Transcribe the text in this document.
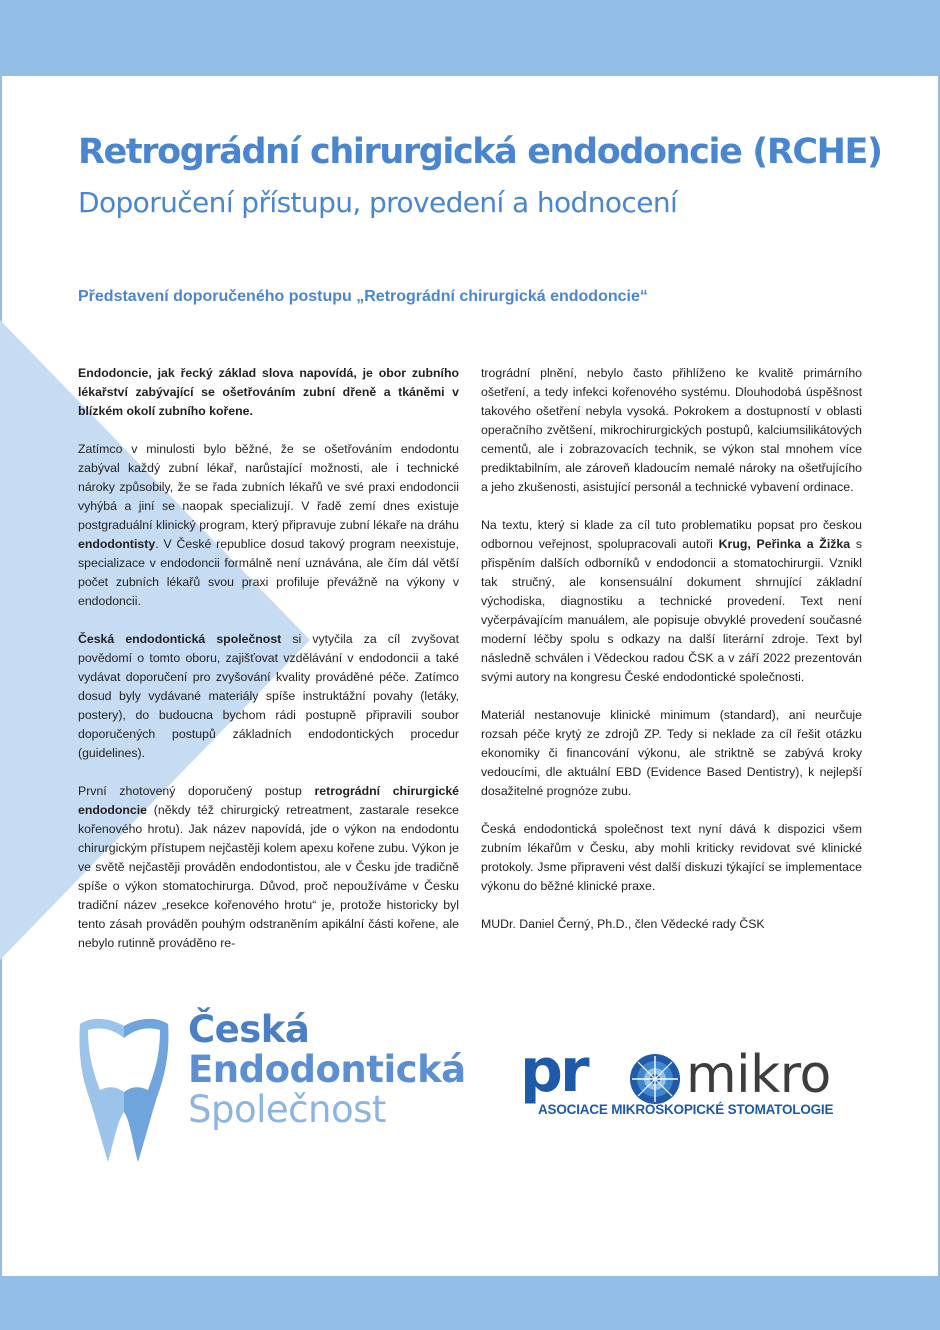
Retrográdní chirurgická endodoncie (RCHE)
Doporučení přístupu, provedení a hodnocení
Představení doporučeného postupu „Retrográdní chirurgická endodoncie“

Endodoncie, jak řecký základ slova napovídá, je obor zubního lékařství zabývající se ošetřováním zubní dřeně a tkáněmi v blízkém okolí zubního kořene.

Zatímco v minulosti bylo běžné, že se ošetřováním endodontu zabýval každý zubní lékař, narůstající možnosti, ale i technické nároky způsobily, že se řada zubních lékařů ve své praxi endodoncii vyhýbá a jiní se naopak specializují. V řadě zemí dnes existuje postgraduální klinický program, který připravuje zubní lékaře na dráhu endodontisty. V České republice dosud takový program neexistuje, specializace v endodoncii formálně není uznávána, ale čím dál větší počet zubních lékařů svou praxi profiluje převážně na výkony v endodoncii.

Česká endodontická společnost si vytyčila za cíl zvyšovat povědomí o tomto oboru, zajišťovat vzdělávání v endodoncii a také vydávat doporučení pro zvyšování kvality prováděné péče. Zatímco dosud byly vydávané materiály spíše instruktážní povahy (letáky, postery), do budoucna bychom rádi postupně připravili soubor doporučených postupů základních endodontických procedur (guidelines).

První zhotovený doporučený postup retrográdní chirurgické endodoncie (někdy též chirurgický retreatment, zastarale resekce kořenového hrotu). Jak název napovídá, jde o výkon na endodontu chirurgickým přístupem nejčastěji kolem apexu kořene zubu. Výkon je ve světě nejčastěji prováděn endodontistou, ale v Česku jde tradičně spíše o výkon stomatochirurga. Důvod, proč nepoužíváme v Česku tradiční název „resekce kořenového hrotu“ je, protože historicky byl tento zásah prováděn pouhým odstraněním apikální části kořene, ale nebylo rutinně prováděno re-

trográdní plnění, nebylo často přihlíženo ke kvalitě primárního ošetření, a tedy infekci kořenového systému. Dlouhodobá úspěšnost takového ošetření nebyla vysoká. Pokrokem a dostupností v oblasti operačního zvětšení, mikrochirurgických postupů, kalciumsilikátových cementů, ale i zobrazovacích technik, se výkon stal mnohem více prediktabilním, ale zároveň kladoucím nemalé nároky na ošetřujícího a jeho zkušenosti, asistující personál a technické vybavení ordinace.

Na textu, který si klade za cíl tuto problematiku popsat pro českou odbornou veřejnost, spolupracovali autoři Krug, Peřinka a Žižka s přispěním dalších odborníků v endodoncii a stomatochirurgii. Vznikl tak stručný, ale konsensuální dokument shrnující základní východiska, diagnostiku a technické provedení. Text není vyčerpávajícím manuálem, ale popisuje obvyklé provedení současné moderní léčby spolu s odkazy na další literární zdroje. Text byl následně schválen i Vědeckou radou ČSK a v září 2022 prezentován svými autory na kongresu České endodontické společnosti.

Materiál nestanovuje klinické minimum (standard), ani neurčuje rozsah péče krytý ze zdrojů ZP. Tedy si neklade za cíl řešit otázku ekonomiky či financování výkonu, ale striktně se zabývá kroky vedoucími, dle aktuální EBD (Evidence Based Dentistry), k nejlepší dosažitelné prognóze zubu.

Česká endodontická společnost text nyní dává k dispozici všem zubním lékařům v Česku, aby mohli kriticky revidovat své klinické protokoly. Jsme připraveni vést další diskuzi týkající se implementace výkonu do běžné klinické praxe.

MUDr. Daniel Černý, Ph.D., člen Vědecké rady ČSK

Česká
Endodontická
Společnost
pr mikro
ASOCIACE MIKROSKOPICKÉ STOMATOLOGIE
